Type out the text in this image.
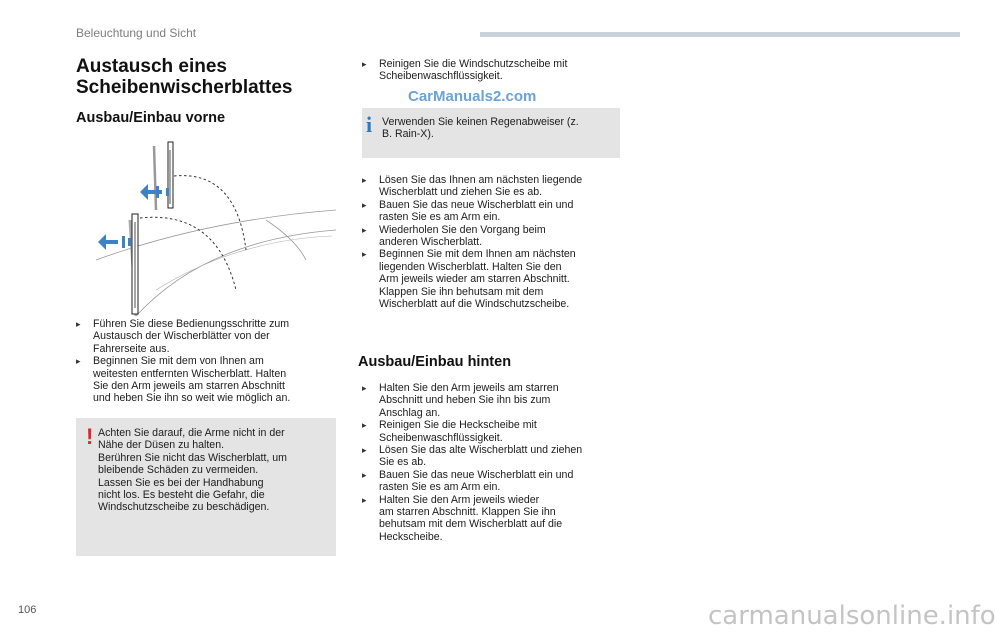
Beleuchtung und Sicht
Austausch eines
Scheibenwischerblattes
Ausbau/Einbau vorne
▸ Führen Sie diese Bedienungsschritte zum
Austausch der Wischerblätter von der
Fahrerseite aus.
▸ Beginnen Sie mit dem von Ihnen am
weitesten entfernten Wischerblatt. Halten
Sie den Arm jeweils am starren Abschnitt
und heben Sie ihn so weit wie möglich an.
! Achten Sie darauf, die Arme nicht in der
Nähe der Düsen zu halten.
Berühren Sie nicht das Wischerblatt, um
bleibende Schäden zu vermeiden.
Lassen Sie es bei der Handhabung
nicht los. Es besteht die Gefahr, die
Windschutzscheibe zu beschädigen.

▸ Reinigen Sie die Windschutzscheibe mit
Scheibenwaschflüssigkeit.
CarManuals2.com
i Verwenden Sie keinen Regenabweiser (z.
B. Rain-X).

▸ Lösen Sie das Ihnen am nächsten liegende
Wischerblatt und ziehen Sie es ab.
▸ Bauen Sie das neue Wischerblatt ein und
rasten Sie es am Arm ein.
▸ Wiederholen Sie den Vorgang beim
anderen Wischerblatt.
▸ Beginnen Sie mit dem Ihnen am nächsten
liegenden Wischerblatt. Halten Sie den
Arm jeweils wieder am starren Abschnitt.
Klappen Sie ihn behutsam mit dem
Wischerblatt auf die Windschutzscheibe.
Ausbau/Einbau hinten
▸ Halten Sie den Arm jeweils am starren
Abschnitt und heben Sie ihn bis zum
Anschlag an.
▸ Reinigen Sie die Heckscheibe mit
Scheibenwaschflüssigkeit.
▸ Lösen Sie das alte Wischerblatt und ziehen
Sie es ab.
▸ Bauen Sie das neue Wischerblatt ein und
rasten Sie es am Arm ein.
▸ Halten Sie den Arm jeweils wieder
am starren Abschnitt. Klappen Sie ihn
behutsam mit dem Wischerblatt auf die
Heckscheibe.
106	carmanualsonline.info
